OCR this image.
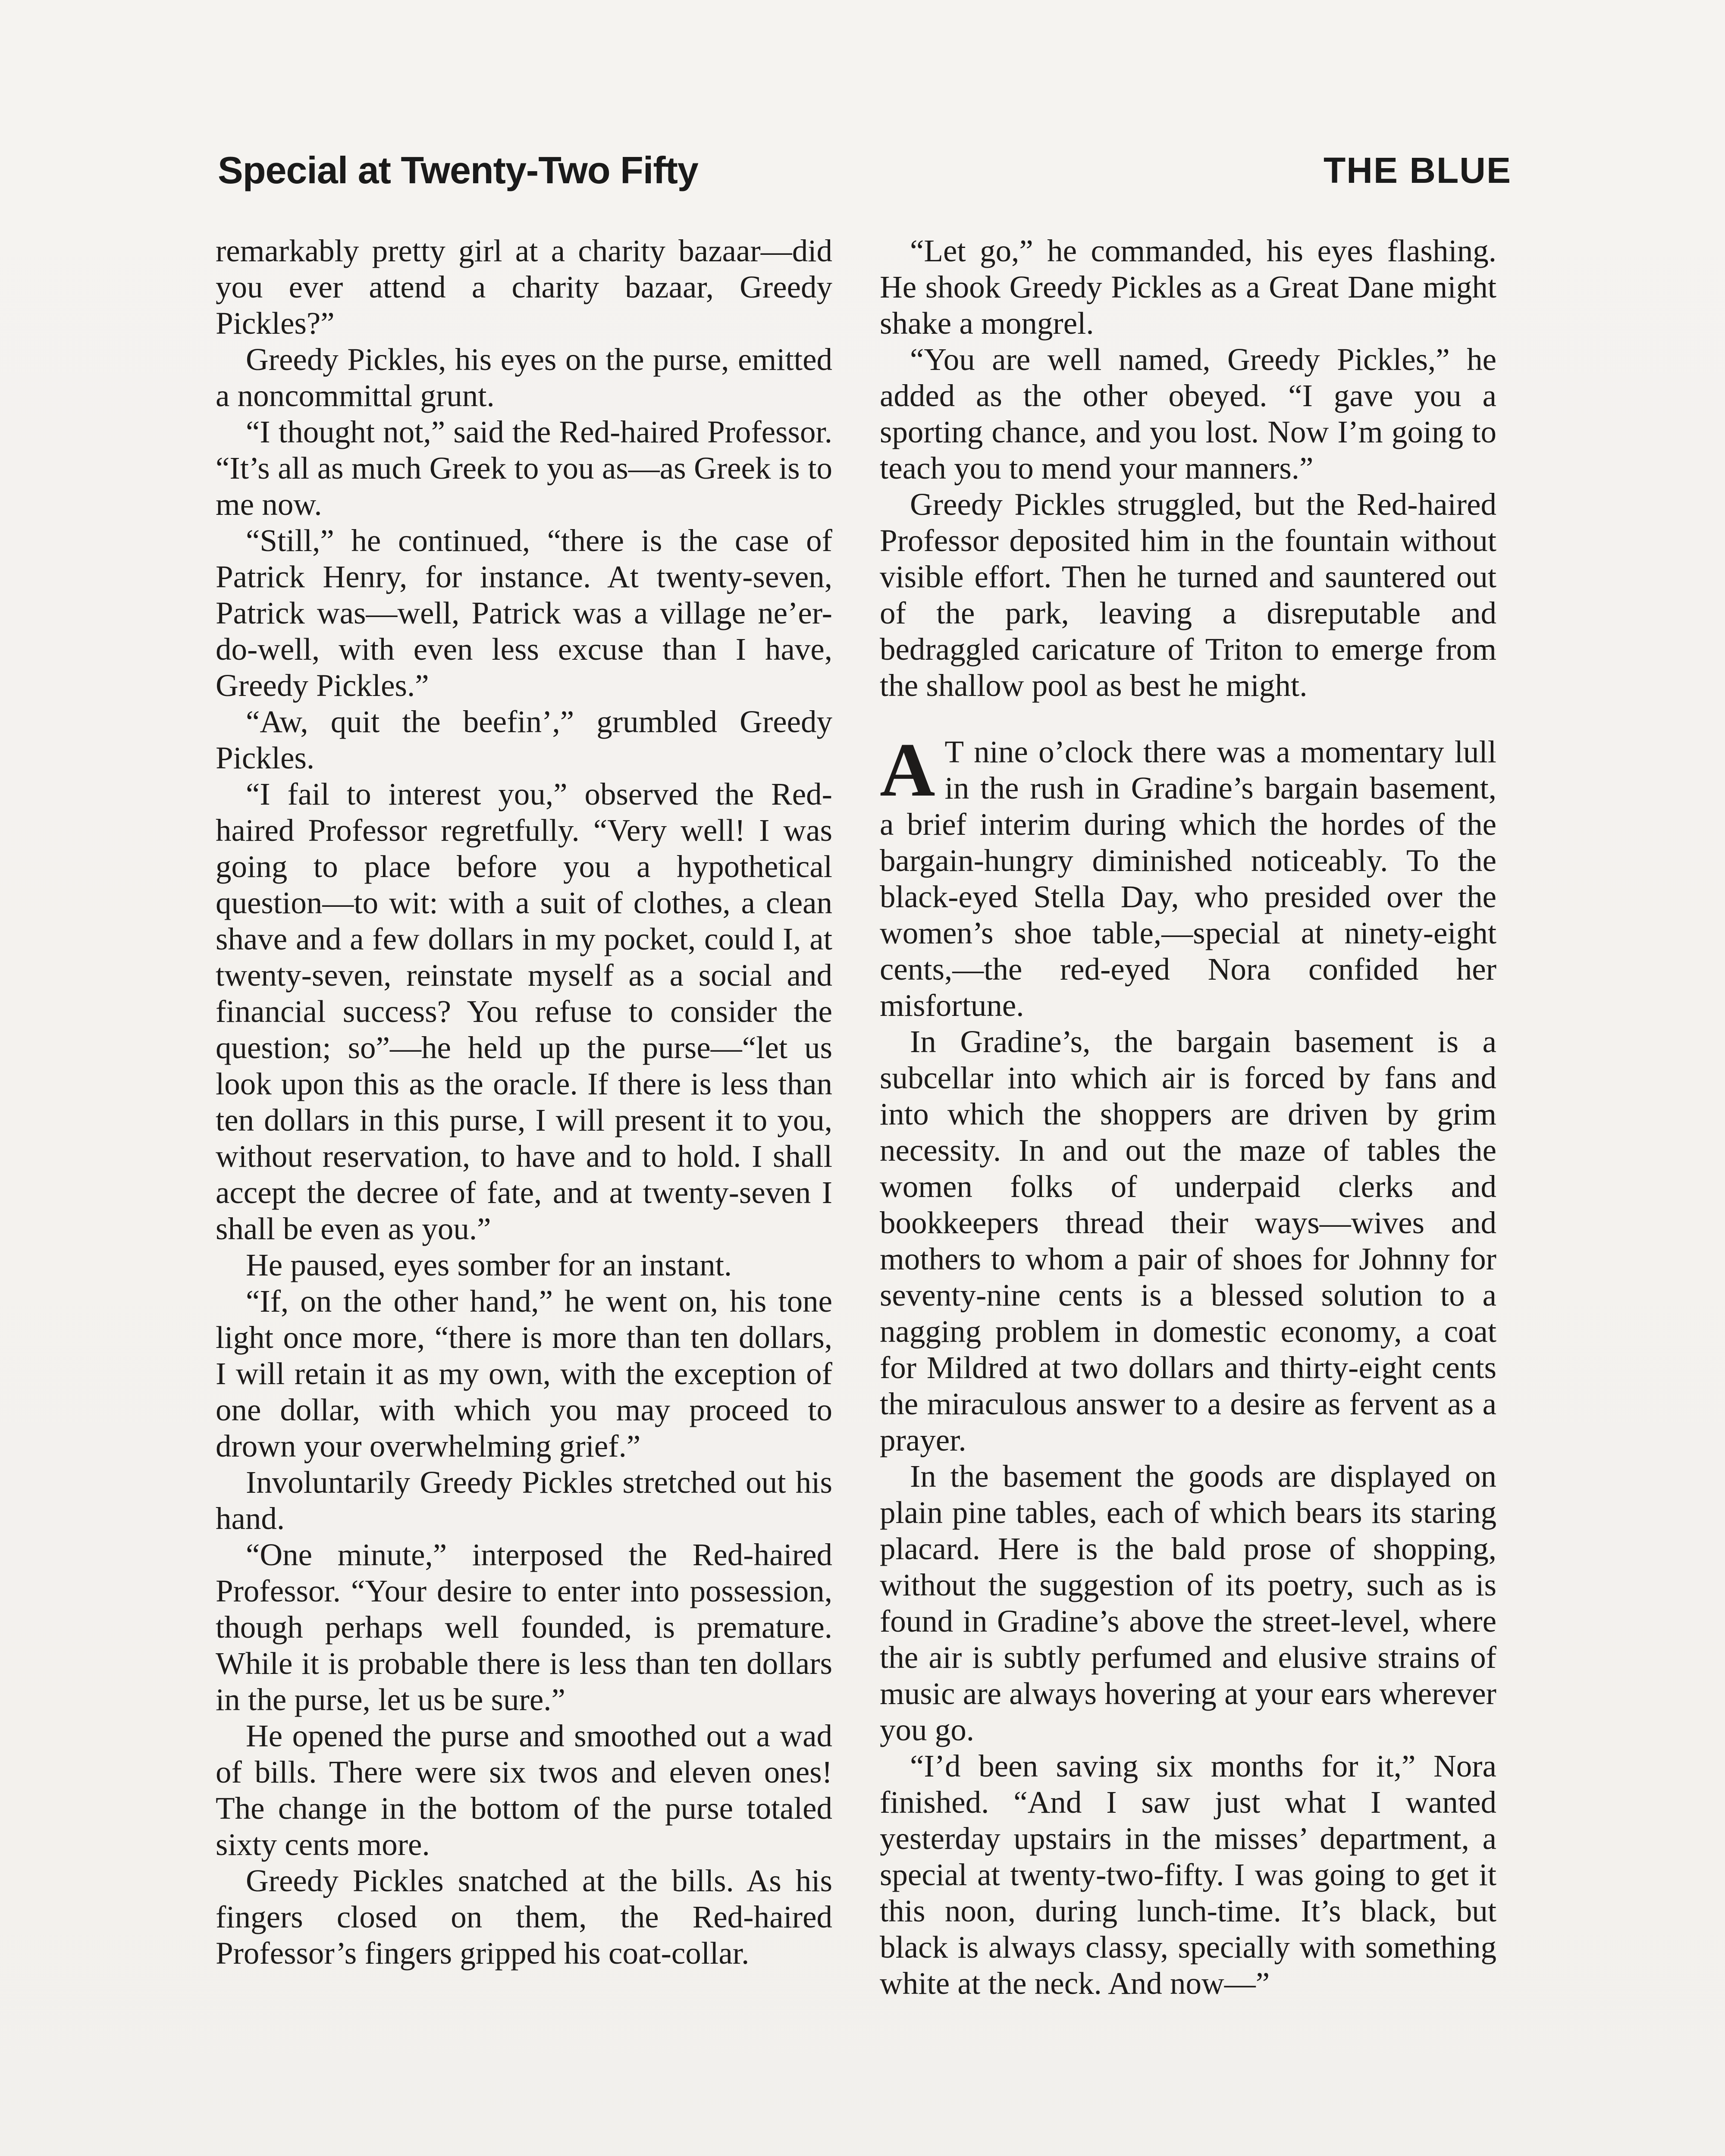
Special at Twenty-Two Fifty	THE BLUE

remarkably pretty girl at a charity bazaar—did you ever attend a charity bazaar, Greedy Pickles?”

Greedy Pickles, his eyes on the purse, emitted a noncommittal grunt.

“I thought not,” said the Red-haired Professor. “It’s all as much Greek to you as—as Greek is to me now.

“Still,” he continued, “there is the case of Patrick Henry, for instance. At twenty-seven, Patrick was—well, Patrick was a village ne’er-do-well, with even less excuse than I have, Greedy Pickles.”

“Aw, quit the beefin’,” grumbled Greedy Pickles.

“I fail to interest you,” observed the Red-haired Professor regretfully. “Very well! I was going to place before you a hypothetical question—to wit: with a suit of clothes, a clean shave and a few dollars in my pocket, could I, at twenty-seven, reinstate myself as a social and financial success? You refuse to consider the question; so”—he held up the purse—“let us look upon this as the oracle. If there is less than ten dollars in this purse, I will present it to you, without reservation, to have and to hold. I shall accept the decree of fate, and at twenty-seven I shall be even as you.”

He paused, eyes somber for an instant.

“If, on the other hand,” he went on, his tone light once more, “there is more than ten dollars, I will retain it as my own, with the exception of one dollar, with which you may proceed to drown your overwhelming grief.”

Involuntarily Greedy Pickles stretched out his hand.

“One minute,” interposed the Red-haired Professor. “Your desire to enter into possession, though perhaps well founded, is premature. While it is probable there is less than ten dollars in the purse, let us be sure.”

He opened the purse and smoothed out a wad of bills. There were six twos and eleven ones! The change in the bottom of the purse totaled sixty cents more.

Greedy Pickles snatched at the bills. As his fingers closed on them, the Red-haired Professor’s fingers gripped his coat-collar.

“Let go,” he commanded, his eyes flashing. He shook Greedy Pickles as a Great Dane might shake a mongrel.

“You are well named, Greedy Pickles,” he added as the other obeyed. “I gave you a sporting chance, and you lost. Now I’m going to teach you to mend your manners.”

Greedy Pickles struggled, but the Red-haired Professor deposited him in the fountain without visible effort. Then he turned and sauntered out of the park, leaving a disreputable and bedraggled caricature of Triton to emerge from the shallow pool as best he might.

A T nine o’clock there was a momentary lull in the rush in Gradine’s bargain basement, a brief interim during which the hordes of the bargain-hungry diminished noticeably. To the black-eyed Stella Day, who presided over the women’s shoe table,—special at ninety-eight cents,—the red-eyed Nora confided her misfortune.

In Gradine’s, the bargain basement is a subcellar into which air is forced by fans and into which the shoppers are driven by grim necessity. In and out the maze of tables the women folks of underpaid clerks and bookkeepers thread their ways—wives and mothers to whom a pair of shoes for Johnny for seventy-nine cents is a blessed solution to a nagging problem in domestic economy, a coat for Mildred at two dollars and thirty-eight cents the miraculous answer to a desire as fervent as a prayer.

In the basement the goods are displayed on plain pine tables, each of which bears its staring placard. Here is the bald prose of shopping, without the suggestion of its poetry, such as is found in Gradine’s above the street-level, where the air is subtly perfumed and elusive strains of music are always hovering at your ears wherever you go.

“I’d been saving six months for it,” Nora finished. “And I saw just what I wanted yesterday upstairs in the misses’ department, a special at twenty-two-fifty. I was going to get it this noon, during lunch-time. It’s black, but black is always classy, specially with something white at the neck. And now—”
